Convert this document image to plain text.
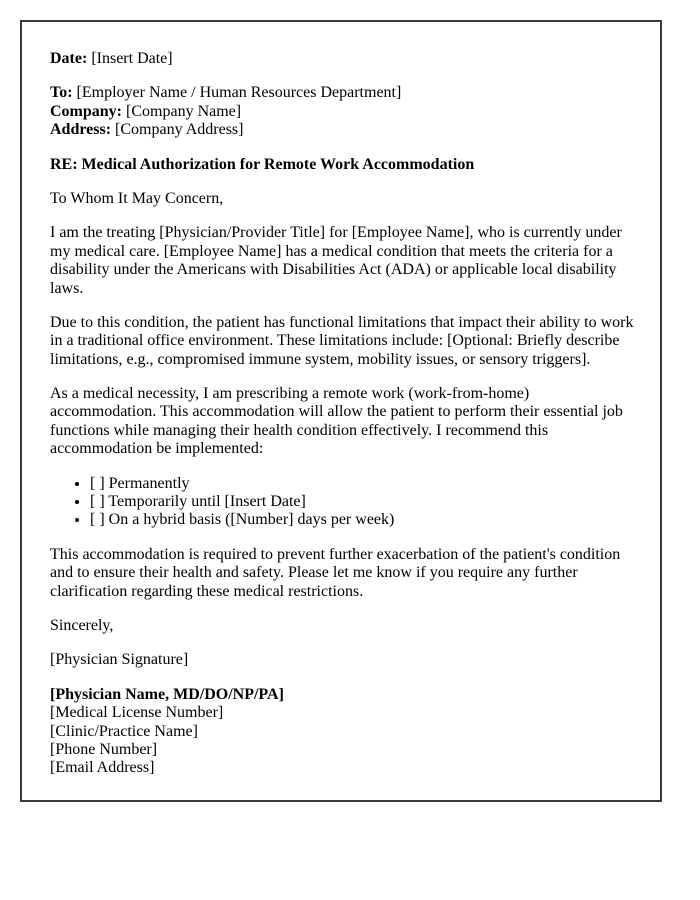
Date: [Insert Date]
To: [Employer Name / Human Resources Department]
Company: [Company Name]
Address: [Company Address]
RE: Medical Authorization for Remote Work Accommodation
To Whom It May Concern,
I am the treating [Physician/Provider Title] for [Employee Name], who is currently under my medical care. [Employee Name] has a medical condition that meets the criteria for a disability under the Americans with Disabilities Act (ADA) or applicable local disability laws.
Due to this condition, the patient has functional limitations that impact their ability to work in a traditional office environment. These limitations include: [Optional: Briefly describe limitations, e.g., compromised immune system, mobility issues, or sensory triggers].
As a medical necessity, I am prescribing a remote work (work-from-home) accommodation. This accommodation will allow the patient to perform their essential job functions while managing their health condition effectively. I recommend this accommodation be implemented:
• [ ] Permanently
• [ ] Temporarily until [Insert Date]
• [ ] On a hybrid basis ([Number] days per week)
This accommodation is required to prevent further exacerbation of the patient's condition and to ensure their health and safety. Please let me know if you require any further clarification regarding these medical restrictions.
Sincerely,
[Physician Signature]
[Physician Name, MD/DO/NP/PA]
[Medical License Number]
[Clinic/Practice Name]
[Phone Number]
[Email Address]
